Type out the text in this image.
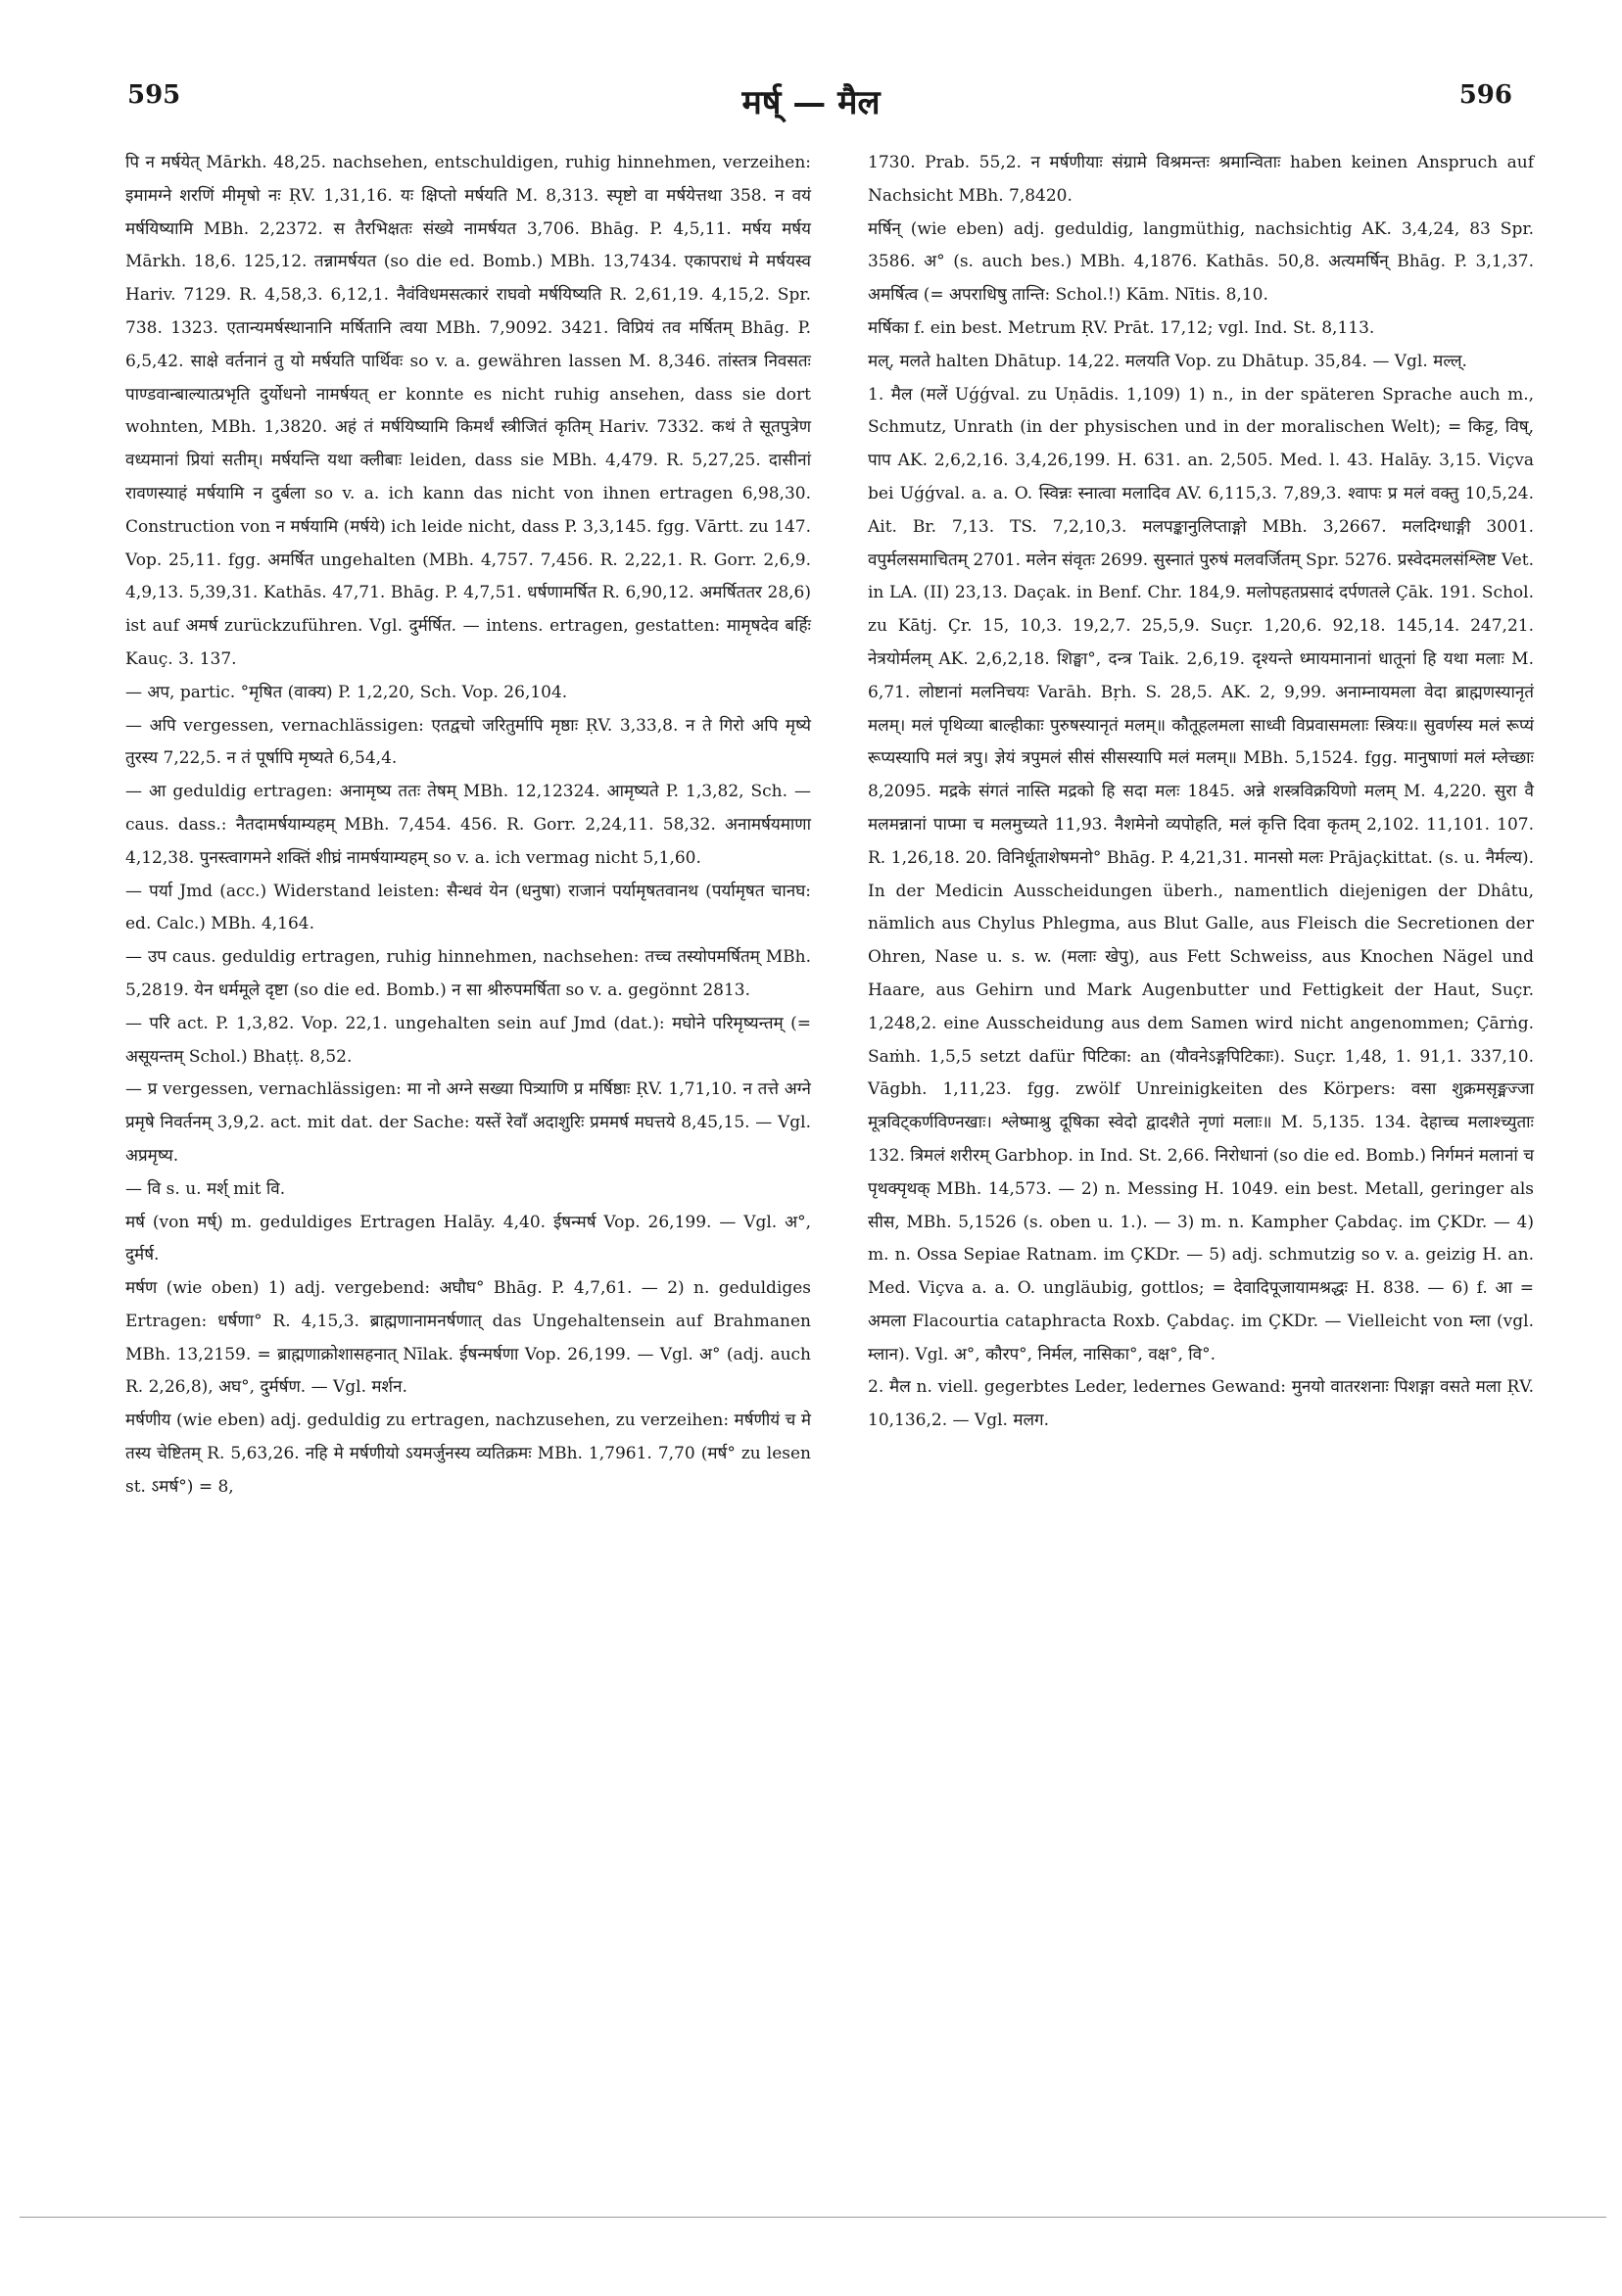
595	मर्ष् — मैल	596

पि न मर्षयेत् Mārkh. 48,25. nachsehen, entschuldigen, ruhig hinnehmen, verzeihen: इमामग्ने शरणिं मीमृषो नः ṚV. 1,31,16. यः क्षिप्तो मर्षयति M. 8,313. स्पृष्टो वा मर्षयेत्तथा 358. न वयं मर्षयिष्यामि MBh. 2,2372. स तैरभिक्षतः संख्ये नामर्षयत 3,706. Bhāg. P. 4,5,11. मर्षय मर्षय Mārkh. 18,6. 125,12. तन्नामर्षयत (so die ed. Bomb.) MBh. 13,7434. एकापराधं मे मर्षयस्व Hariv. 7129. R. 4,58,3. 6,12,1. नैवंविधमसत्कारं राघवो मर्षयिष्यति R. 2,61,19. 4,15,2. Spr. 738. 1323. एतान्यमर्षस्थानानि मर्षितानि त्वया MBh. 7,9092. 3421. विप्रियं तव मर्षितम् Bhāg. P. 6,5,42. साक्षे वर्तनानं तु यो मर्षयति पार्थिवः so v. a. gewähren lassen M. 8,346. तांस्तत्र निवसतः पाण्डवान्बाल्यात्प्रभृति दुर्योधनो नामर्षयत् er konnte es nicht ruhig ansehen, dass sie dort wohnten, MBh. 1,3820. अहं तं मर्षयिष्यामि किमर्थं स्त्रीजितं कृतिम् Hariv. 7332. कथं ते सूतपुत्रेण वध्यमानां प्रियां सतीम्। मर्षयन्ति यथा क्लीबाः leiden, dass sie MBh. 4,479. R. 5,27,25. दासीनां रावणस्याहं मर्षयामि न दुर्बला so v. a. ich kann das nicht von ihnen ertragen 6,98,30. Construction von न मर्षयामि (मर्षये) ich leide nicht, dass P. 3,3,145. fgg. Vārtt. zu 147. Vop. 25,11. fgg. अमर्षित ungehalten (MBh. 4,757. 7,456. R. 2,22,1. R. Gorr. 2,6,9. 4,9,13. 5,39,31. Kathās. 47,71. Bhāg. P. 4,7,51. धर्षणामर्षित R. 6,90,12. अमर्षिततर 28,6) ist auf अमर्ष zurückzuführen. Vgl. दुर्मर्षित. — intens. ertragen, gestatten: मामृषदेव बर्हिः Kauç. 3. 137.

— अप, partic. °मृषित (वाक्य) P. 1,2,20, Sch. Vop. 26,104.

— अपि vergessen, vernachlässigen: एतद्वचो जरितुर्मापि मृष्ठाः ṚV. 3,33,8. न ते गिरो अपि मृष्ये तुरस्य 7,22,5. न तं पूर्षापि मृष्यते 6,54,4.

— आ geduldig ertragen: अनामृष्य ततः तेषम् MBh. 12,12324. आमृष्यते P. 1,3,82, Sch. — caus. dass.: नैतदामर्षयाम्यहम् MBh. 7,454. 456. R. Gorr. 2,24,11. 58,32. अनामर्षयमाणा 4,12,38. पुनस्त्वागमने शक्तिं शीघ्रं नामर्षयाम्यहम् so v. a. ich vermag nicht 5,1,60.

— पर्या Jmd (acc.) Widerstand leisten: सैन्धवं येन (धनुषा) राजानं पर्यामृषतवानथ (पर्यामृषत चानघ: ed. Calc.) MBh. 4,164.

— उप caus. geduldig ertragen, ruhig hinnehmen, nachsehen: तच्च तस्योपमर्षितम् MBh. 5,2819. येन धर्ममूले दृष्टा (so die ed. Bomb.) न सा श्रीरुपमर्षिता so v. a. gegönnt 2813.

— परि act. P. 1,3,82. Vop. 22,1. ungehalten sein auf Jmd (dat.): मघोने परिमृष्यन्तम् (= असूयन्तम् Schol.) Bhaṭṭ. 8,52.

— प्र vergessen, vernachlässigen: मा नो अग्ने सख्या पित्र्याणि प्र मर्षिष्ठाः ṚV. 1,71,10. न तत्ते अग्ने प्रमृषे निवर्तनम् 3,9,2. act. mit dat. der Sache: यस्तें रेवाँ अदाशुरिः प्रममर्ष मघत्तये 8,45,15. — Vgl. अप्रमृष्य.

— वि s. u. मर्श् mit वि.

मर्ष (von मर्ष्) m. geduldiges Ertragen Halāy. 4,40. ईषन्मर्ष Vop. 26,199. — Vgl. अ°, दुर्मर्ष.

मर्षण (wie oben) 1) adj. vergebend: अघौघ° Bhāg. P. 4,7,61. — 2) n. geduldiges Ertragen: धर्षणा° R. 4,15,3. ब्राह्मणानामनर्षणात् das Ungehaltensein auf Brahmanen MBh. 13,2159. = ब्राह्मणाक्रोशासहनात् Nīlak. ईषन्मर्षणा Vop. 26,199. — Vgl. अ° (adj. auch R. 2,26,8), अघ°, दुर्मर्षण. — Vgl. मर्शन.

मर्षणीय (wie eben) adj. geduldig zu ertragen, nachzusehen, zu verzeihen: मर्षणीयं च मे तस्य चेष्टितम् R. 5,63,26. नहि मे मर्षणीयो ऽयमर्जुनस्य व्यतिक्रमः MBh. 1,7961. 7,70 (मर्ष° zu lesen st. ऽमर्ष°) = 8,

1730. Prab. 55,2. न मर्षणीयाः संग्रामे विश्रमन्तः श्रमान्विताः haben keinen Anspruch auf Nachsicht MBh. 7,8420.

मर्षिन् (wie eben) adj. geduldig, langmüthig, nachsichtig AK. 3,4,24, 83 Spr. 3586. अ° (s. auch bes.) MBh. 4,1876. Kathās. 50,8. अत्यमर्षिन् Bhāg. P. 3,1,37. अमर्षित्व (= अपराधिषु तान्ति: Schol.!) Kām. Nītis. 8,10.

मर्षिका f. ein best. Metrum ṚV. Prāt. 17,12; vgl. Ind. St. 8,113.

मल्, मलते halten Dhātup. 14,22. मलयति Vop. zu Dhātup. 35,84. — Vgl. मल्ल्.

1. मैल (मलें Uǵǵval. zu Uṇādis. 1,109) 1) n., in der späteren Sprache auch m., Schmutz, Unrath (in der physischen und in der moralischen Welt); = किट्ट, विष्, पाप AK. 2,6,2,16. 3,4,26,199. H. 631. an. 2,505. Med. l. 43. Halāy. 3,15. Viçva bei Uǵǵval. a. a. O. स्विन्नः स्नात्वा मलादिव AV. 6,115,3. 7,89,3. श्वापः प्र मलं वक्तु 10,5,24. Ait. Br. 7,13. TS. 7,2,10,3. मलपङ्कानुलिप्ताङ्गो MBh. 3,2667. मलदिग्धाङ्गी 3001. वपुर्मलसमाचितम् 2701. मलेन संवृतः 2699. सुस्नातं पुरुषं मलवर्जितम् Spr. 5276. प्रस्वेदमलसंश्लिष्ट Vet. in LA. (II) 23,13. Daçak. in Benf. Chr. 184,9. मलोपहतप्रसादं दर्पणतले Çāk. 191. Schol. zu Kātj. Çr. 15, 10,3. 19,2,7. 25,5,9. Suçr. 1,20,6. 92,18. 145,14. 247,21. नेत्रयोर्मलम् AK. 2,6,2,18. शिङ्घा°, दन्त्र Taik. 2,6,19. दृश्यन्ते ध्मायमानानां धातूनां हि यथा मलाः M. 6,71. लोष्टानां मलनिचयः Varāh. Bṛh. S. 28,5. AK. 2, 9,99. अनाम्नायमला वेदा ब्राह्मणस्यानृतं मलम्। मलं पृथिव्या बाल्हीकाः पुरुषस्यानृतं मलम्॥ कौतूहलमला साध्वी विप्रवासमलाः स्त्रियः॥ सुवर्णस्य मलं रूप्यं रूप्यस्यापि मलं त्रपु। ज्ञेयं त्रपुमलं सीसं सीसस्यापि मलं मलम्॥ MBh. 5,1524. fgg. मानुषाणां मलं म्लेच्छाः 8,2095. मद्रके संगतं नास्ति मद्रको हि सदा मलः 1845. अन्ने शस्त्रविक्रयिणो मलम् M. 4,220. सुरा वै मलमन्नानां पाप्मा च मलमुच्यते 11,93. नैशमेनो व्यपोहति, मलं कृत्ति दिवा कृतम् 2,102. 11,101. 107. R. 1,26,18. 20. विनिर्धूताशेषमनो° Bhāg. P. 4,21,31. मानसो मलः Prājaçkittat. (s. u. नैर्मल्य). In der Medicin Ausscheidungen überh., namentlich diejenigen der Dhâtu, nämlich aus Chylus Phlegma, aus Blut Galle, aus Fleisch die Secretionen der Ohren, Nase u. s. w. (मलाः खेपु), aus Fett Schweiss, aus Knochen Nägel und Haare, aus Gehirn und Mark Augenbutter und Fettigkeit der Haut, Suçr. 1,248,2. eine Ausscheidung aus dem Samen wird nicht angenommen; Çārṅg. Saṁh. 1,5,5 setzt dafür पिटिका: an (यौवनेऽङ्गपिटिकाः). Suçr. 1,48, 1. 91,1. 337,10. Vāgbh. 1,11,23. fgg. zwölf Unreinigkeiten des Körpers: वसा शुक्रमसृङ्मज्जा मूत्रविट्कर्णविण्नखाः। श्लेष्माश्रु दूषिका स्वेदो द्वादशैते नृणां मलाः॥ M. 5,135. 134. देहाच्च मलाश्च्युताः 132. त्रिमलं शरीरम् Garbhop. in Ind. St. 2,66. निरोधानां (so die ed. Bomb.) निर्गमनं मलानां च पृथक्पृथक् MBh. 14,573. — 2) n. Messing H. 1049. ein best. Metall, geringer als सीस, MBh. 5,1526 (s. oben u. 1.). — 3) m. n. Kampher Çabdaç. im ÇKDr. — 4) m. n. Ossa Sepiae Ratnam. im ÇKDr. — 5) adj. schmutzig so v. a. geizig H. an. Med. Viçva a. a. O. ungläubig, gottlos; = देवादिपूजायामश्रद्धः H. 838. — 6) f. आ = अमला Flacourtia cataphracta Roxb. Çabdaç. im ÇKDr. — Vielleicht von म्ला (vgl. म्लान). Vgl. अ°, कौरप°, निर्मल, नासिका°, वक्ष°, वि°.

2. मैल n. viell. gegerbtes Leder, ledernes Gewand: मुनयो वातरशनाः पिशङ्गा वसते मला ṚV. 10,136,2. — Vgl. मलग.
